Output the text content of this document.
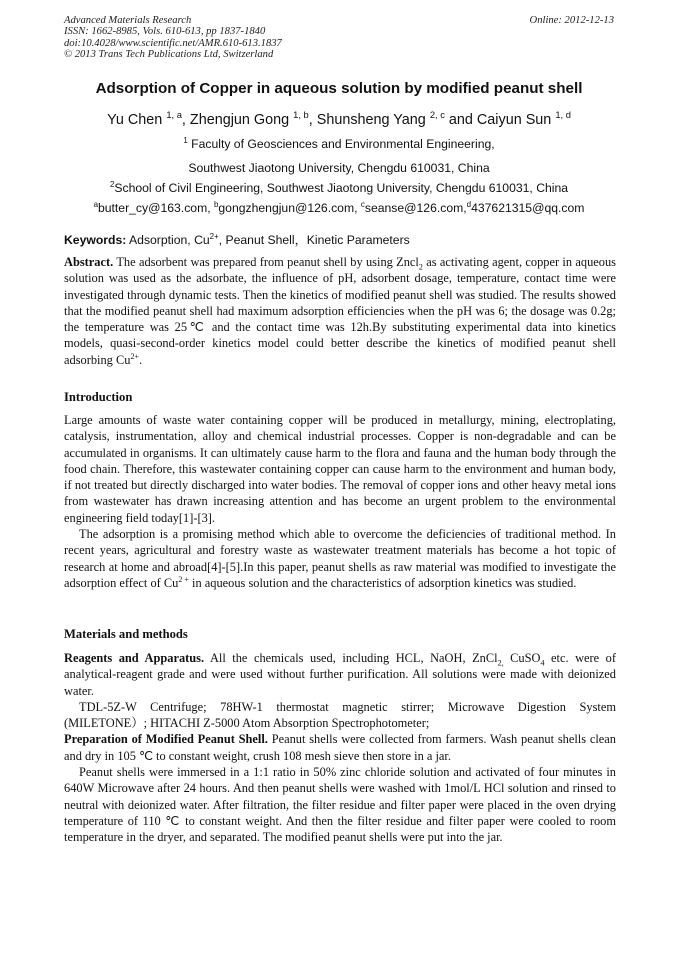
Advanced Materials Research
ISSN: 1662-8985, Vols. 610-613, pp 1837-1840
doi:10.4028/www.scientific.net/AMR.610-613.1837
© 2013 Trans Tech Publications Ltd, Switzerland
Online: 2012-12-13
Adsorption of Copper in aqueous solution by modified peanut shell
Yu Chen $^{1, a}$, Zhengjun Gong $^{1, b}$, Shunsheng Yang $^{2, c}$ and Caiyun Sun $^{1, d}$
$^1$ Faculty of Geosciences and Environmental Engineering,
Southwest Jiaotong University, Chengdu 610031, China
$^2$School of Civil Engineering, Southwest Jiaotong University, Chengdu 610031, China
$^a$butter_cy@163.com, $^b$gongzhengjun@126.com, $^c$seanse@126.com,$^d$437621315@qq.com
Keywords: Adsorption, $Cu^{2+}$, Peanut Shell，Kinetic Parameters

Abstract. The adsorbent was prepared from peanut shell by using Zncl$_2$ as activating agent, copper in aqueous solution was used as the adsorbate, the influence of pH, adsorbent dosage, temperature, contact time were investigated through dynamic tests. Then the kinetics of modified peanut shell was studied. The results showed that the modified peanut shell had maximum adsorption efficiencies when the pH was 6; the dosage was 0.2g; the temperature was 25℃ and the contact time was 12h.By substituting experimental data into kinetics models, quasi-second-order kinetics model could better describe the kinetics of modified peanut shell adsorbing $Cu^{2+}$.

Introduction

Large amounts of waste water containing copper will be produced in metallurgy, mining, electroplating, catalysis, instrumentation, alloy and chemical industrial processes. Copper is non-degradable and can be accumulated in organisms. It can ultimately cause harm to the flora and fauna and the human body through the food chain. Therefore, this wastewater containing copper can cause harm to the environment and human body, if not treated but directly discharged into water bodies. The removal of copper ions and other heavy metal ions from wastewater has drawn increasing attention and has become an urgent problem to the environmental engineering field today[1]-[3].

The adsorption is a promising method which able to overcome the deficiencies of traditional method. In recent years, agricultural and forestry waste as wastewater treatment materials has become a hot topic of research at home and abroad[4]-[5].In this paper, peanut shells as raw material was modified to investigate the adsorption effect of $Cu^{2 +}$ in aqueous solution and the characteristics of adsorption kinetics was studied.

Materials and methods

Reagents and Apparatus. All the chemicals used, including HCL, NaOH, ZnCl$_{2,}$ CuSO$_4$ etc. were of analytical-reagent grade and were used without further purification. All solutions were made with deionized water.

TDL-5Z-W Centrifuge; 78HW-1 thermostat magnetic stirrer; Microwave Digestion System (MILETONE）; HITACHI Z-5000 Atom Absorption Spectrophotometer;

Preparation of Modified Peanut Shell. Peanut shells were collected from farmers. Wash peanut shells clean and dry in 105 ℃ to constant weight, crush 108 mesh sieve then store in a jar.

Peanut shells were immersed in a 1:1 ratio in 50% zinc chloride solution and activated of four minutes in 640W Microwave after 24 hours. And then peanut shells were washed with 1mol/L HCl solution and rinsed to neutral with deionized water. After filtration, the filter residue and filter paper were placed in the oven drying temperature of 110 ℃ to constant weight. And then the filter residue and filter paper were cooled to room temperature in the dryer, and separated. The modified peanut shells were put into the jar.
